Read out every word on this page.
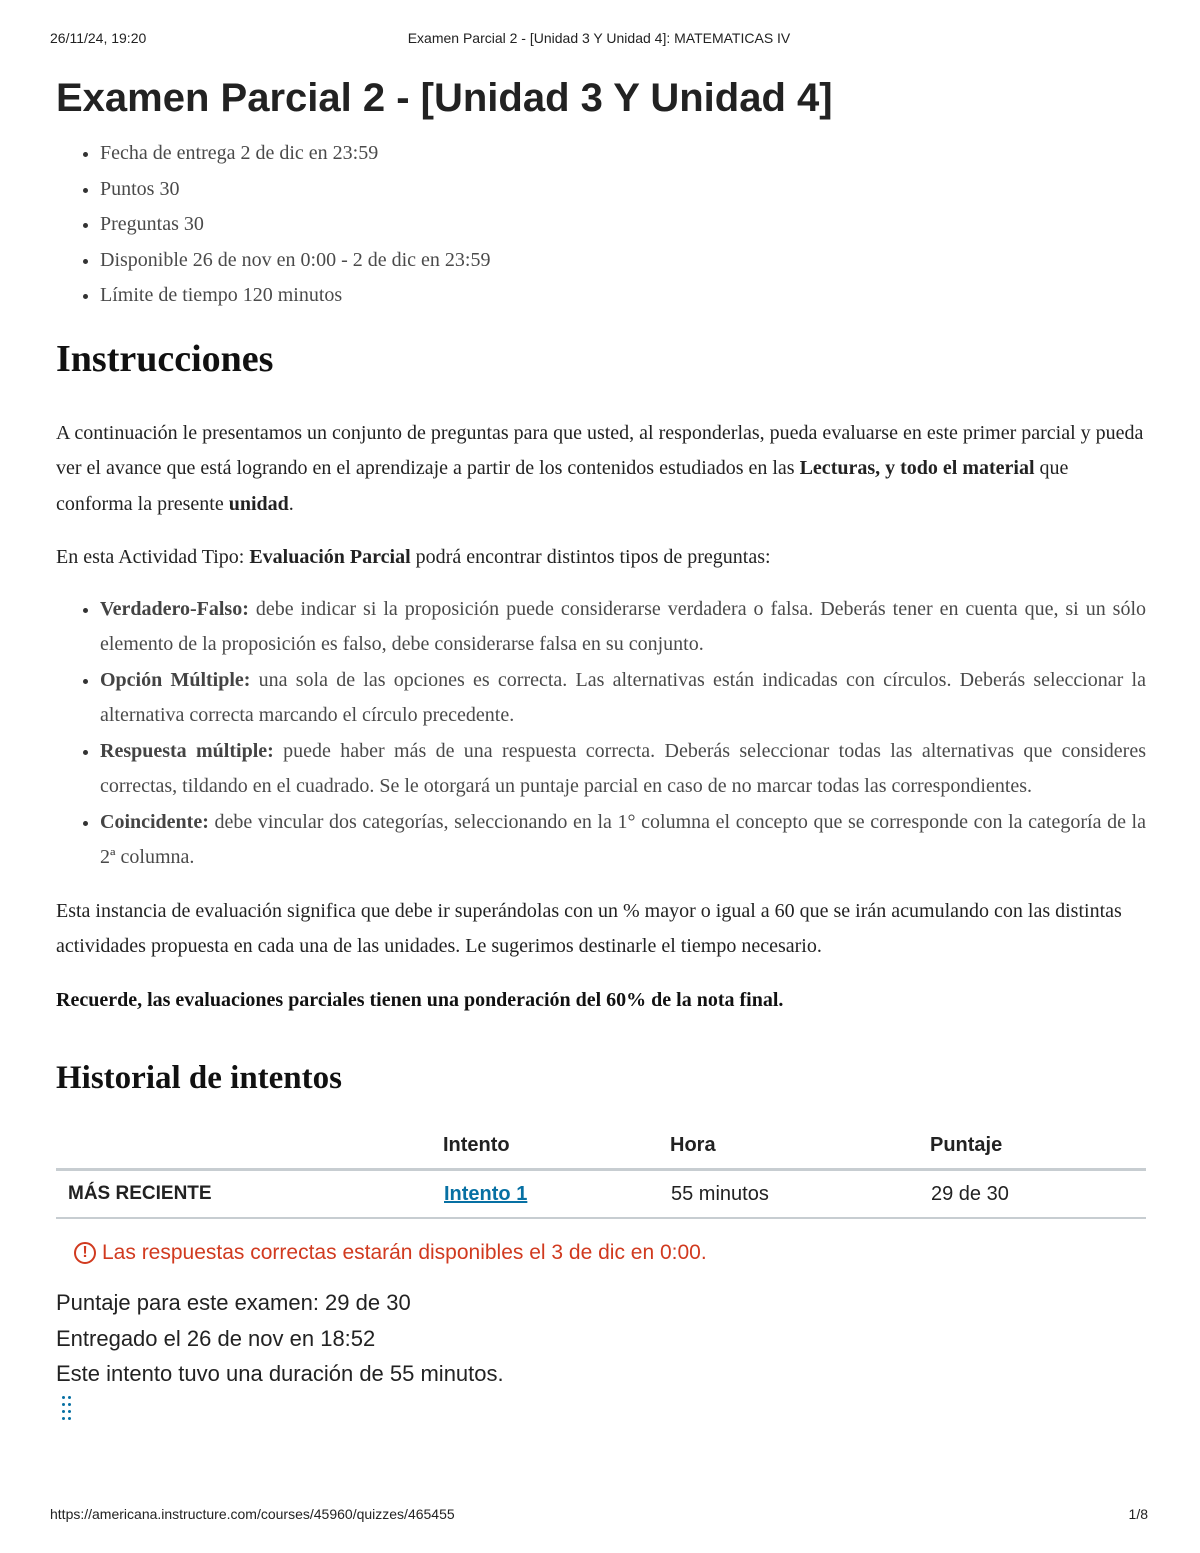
26/11/24, 19:20	Examen Parcial 2 - [Unidad 3 Y Unidad 4]: MATEMATICAS IV
Examen Parcial 2 - [Unidad 3 Y Unidad 4]
• Fecha de entrega 2 de dic en 23:59
• Puntos 30
• Preguntas 30
• Disponible 26 de nov en 0:00 - 2 de dic en 23:59
• Límite de tiempo 120 minutos
Instrucciones

A continuación le presentamos un conjunto de preguntas para que usted, al responderlas, pueda evaluarse en este primer parcial y pueda ver el avance que está logrando en el aprendizaje a partir de los contenidos estudiados en las Lecturas, y todo el material que conforma la presente unidad.

En esta Actividad Tipo: Evaluación Parcial podrá encontrar distintos tipos de preguntas:

• Verdadero-Falso: debe indicar si la proposición puede considerarse verdadera o falsa. Deberás tener en cuenta que, si un sólo elemento de la proposición es falso, debe considerarse falsa en su conjunto.
• Opción Múltiple: una sola de las opciones es correcta. Las alternativas están indicadas con círculos. Deberás seleccionar la alternativa correcta marcando el círculo precedente.
• Respuesta múltiple: puede haber más de una respuesta correcta. Deberás seleccionar todas las alternativas que consideres correctas, tildando en el cuadrado. Se le otorgará un puntaje parcial en caso de no marcar todas las correspondientes.
• Coincidente: debe vincular dos categorías, seleccionando en la 1° columna el concepto que se corresponde con la categoría de la 2ª columna.

Esta instancia de evaluación significa que debe ir superándolas con un % mayor o igual a 60 que se irán acumulando con las distintas actividades propuesta en cada una de las unidades. Le sugerimos destinarle el tiempo necesario.

Recuerde, las evaluaciones parciales tienen una ponderación del 60% de la nota final.

Historial de intentos
	Intento	Hora	Puntaje
MÁS RECIENTE	Intento 1	55 minutos	29 de 30
! Las respuestas correctas estarán disponibles el 3 de dic en 0:00.
Puntaje para este examen: 29 de 30
Entregado el 26 de nov en 18:52
Este intento tuvo una duración de 55 minutos.
https://americana.instructure.com/courses/45960/quizzes/465455	1/8
